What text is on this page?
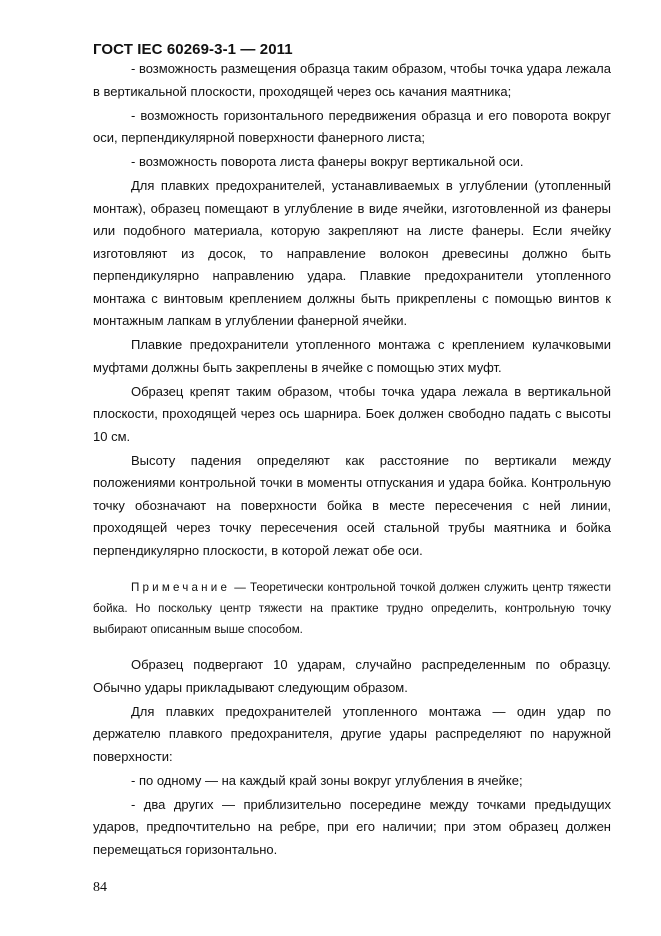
ГОСТ IEC 60269-3-1 — 2011

- возможность размещения образца таким образом, чтобы точка удара лежала в вертикальной плоскости, проходящей через ось качания маятника;

- возможность горизонтального передвижения образца и его поворота вокруг оси, перпендикулярной поверхности фанерного листа;

- возможность поворота листа фанеры вокруг вертикальной оси.

Для плавких предохранителей, устанавливаемых в углублении (утопленный монтаж), образец помещают в углубление в виде ячейки, изготовленной из фанеры или подобного материала, которую закрепляют на листе фанеры. Если ячейку изготовляют из досок, то направление волокон древесины должно быть перпендикулярно направлению удара. Плавкие предохранители утопленного монтажа с винтовым креплением должны быть прикреплены с помощью винтов к монтажным лапкам в углублении фанерной ячейки.

Плавкие предохранители утопленного монтажа с креплением кулачковыми муфтами должны быть закреплены в ячейке с помощью этих муфт.

Образец крепят таким образом, чтобы точка удара лежала в вертикальной плоскости, проходящей через ось шарнира. Боек должен свободно падать с высоты 10 см.

Высоту падения определяют как расстояние по вертикали между положениями контрольной точки в моменты отпускания и удара бойка. Контрольную точку обозначают на поверхности бойка в месте пересечения с ней линии, проходящей через точку пересечения осей стальной трубы маятника и бойка перпендикулярно плоскости, в которой лежат обе оси.

Примечание — Теоретически контрольной точкой должен служить центр тяжести бойка. Но поскольку центр тяжести на практике трудно определить, контрольную точку выбирают описанным выше способом.

Образец подвергают 10 ударам, случайно распределенным по образцу. Обычно удары прикладывают следующим образом.

Для плавких предохранителей утопленного монтажа — один удар по держателю плавкого предохранителя, другие удары распределяют по наружной поверхности:

- по одному — на каждый край зоны вокруг углубления в ячейке;

- два других — приблизительно посередине между точками предыдущих ударов, предпочтительно на ребре, при его наличии; при этом образец должен перемещаться горизонтально.

84
